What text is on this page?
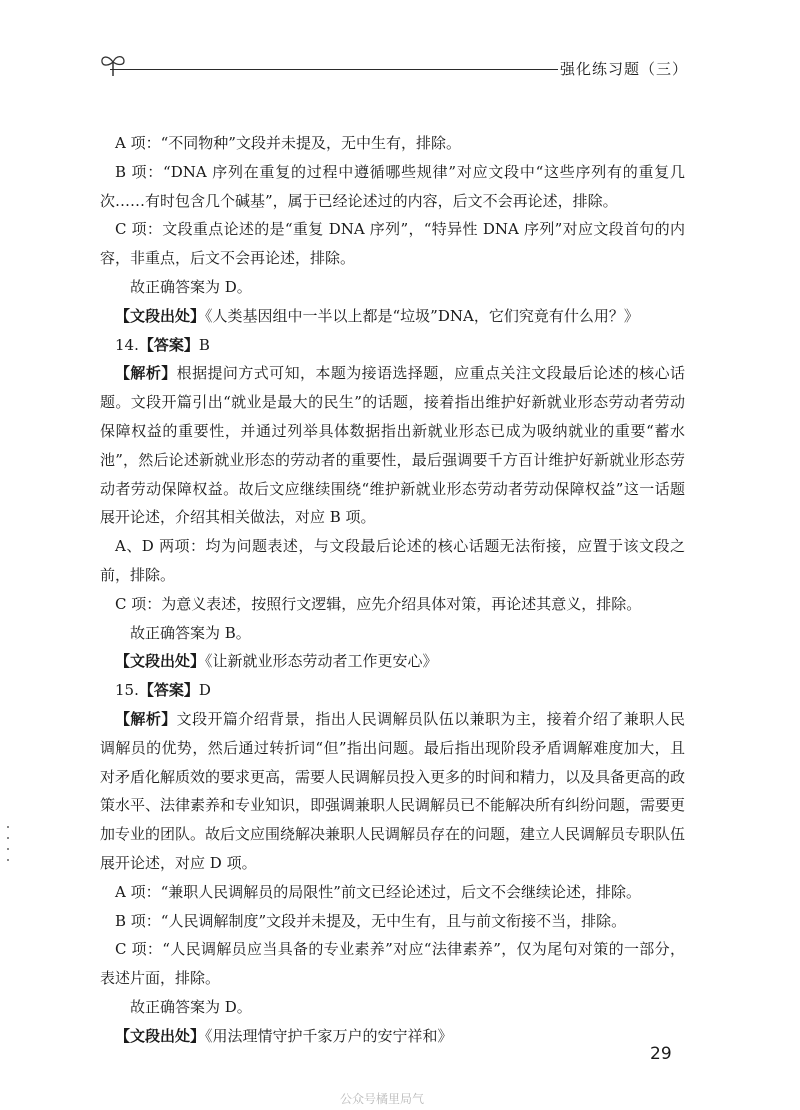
强化练习题（三）

A 项：“不同物种”文段并未提及，无中生有，排除。

B 项：“DNA 序列在重复的过程中遵循哪些规律”对应文段中“这些序列有的重复几次……有时包含几个碱基”，属于已经论述过的内容，后文不会再论述，排除。

C 项：文段重点论述的是“重复 DNA 序列”，“特异性 DNA 序列”对应文段首句的内容，非重点，后文不会再论述，排除。

故正确答案为 D。

【文段出处】《人类基因组中一半以上都是“垃圾”DNA，它们究竟有什么用？》

14.【答案】B

【解析】根据提问方式可知，本题为接语选择题，应重点关注文段最后论述的核心话题。文段开篇引出“就业是最大的民生”的话题，接着指出维护好新就业形态劳动者劳动保障权益的重要性，并通过列举具体数据指出新就业形态已成为吸纳就业的重要“蓄水池”，然后论述新就业形态的劳动者的重要性，最后强调要千方百计维护好新就业形态劳动者劳动保障权益。故后文应继续围绕“维护新就业形态劳动者劳动保障权益”这一话题展开论述，介绍其相关做法，对应 B 项。

A、D 两项：均为问题表述，与文段最后论述的核心话题无法衔接，应置于该文段之前，排除。

C 项：为意义表述，按照行文逻辑，应先介绍具体对策，再论述其意义，排除。

故正确答案为 B。

【文段出处】《让新就业形态劳动者工作更安心》

15.【答案】D

【解析】文段开篇介绍背景，指出人民调解员队伍以兼职为主，接着介绍了兼职人民调解员的优势，然后通过转折词“但”指出问题。最后指出现阶段矛盾调解难度加大，且对矛盾化解质效的要求更高，需要人民调解员投入更多的时间和精力，以及具备更高的政策水平、法律素养和专业知识，即强调兼职人民调解员已不能解决所有纠纷问题，需要更加专业的团队。故后文应围绕解决兼职人民调解员存在的问题，建立人民调解员专职队伍展开论述，对应 D 项。

A 项：“兼职人民调解员的局限性”前文已经论述过，后文不会继续论述，排除。

B 项：“人民调解制度”文段并未提及，无中生有，且与前文衔接不当，排除。

C 项：“人民调解员应当具备的专业素养”对应“法律素养”，仅为尾句对策的一部分，表述片面，排除。

故正确答案为 D。

【文段出处】《用法理情守护千家万户的安宁祥和》

29
公众号橘里局气
